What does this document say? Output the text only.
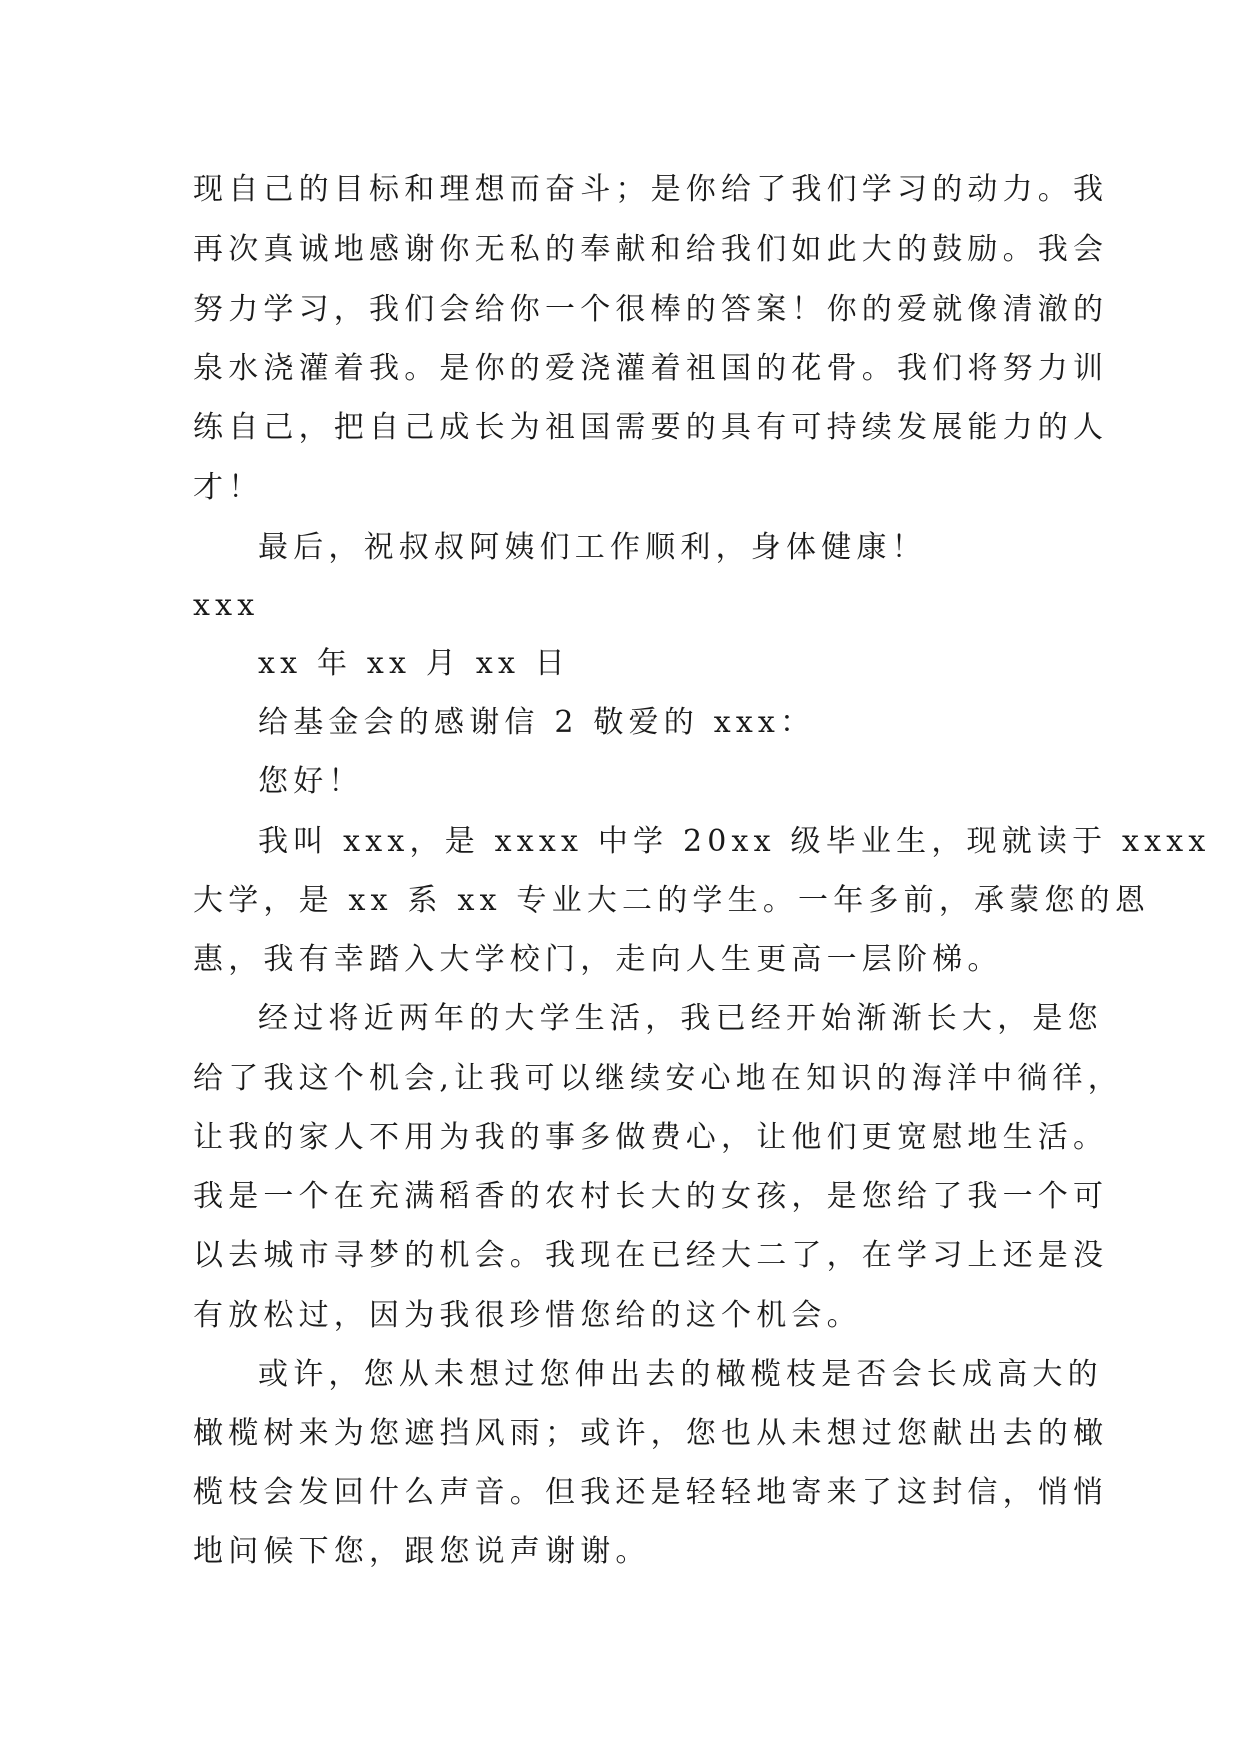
现自己的目标和理想而奋斗；是你给了我们学习的动力。我
再次真诚地感谢你无私的奉献和给我们如此大的鼓励。我会
努力学习，我们会给你一个很棒的答案！你的爱就像清澈的
泉水浇灌着我。是你的爱浇灌着祖国的花骨。我们将努力训
练自己，把自己成长为祖国需要的具有可持续发展能力的人
才！
最后，祝叔叔阿姨们工作顺利，身体健康！
xxx
xx 年 xx 月 xx 日
给基金会的感谢信 2 敬爱的 xxx：
您好！
我叫 xxx，是 xxxx 中学 20xx 级毕业生，现就读于 xxxx
大学，是 xx 系 xx 专业大二的学生。一年多前，承蒙您的恩
惠，我有幸踏入大学校门，走向人生更高一层阶梯。
经过将近两年的大学生活，我已经开始渐渐长大，是您
给了我这个机会,让我可以继续安心地在知识的海洋中徜徉，
让我的家人不用为我的事多做费心，让他们更宽慰地生活。
我是一个在充满稻香的农村长大的女孩，是您给了我一个可
以去城市寻梦的机会。我现在已经大二了，在学习上还是没
有放松过，因为我很珍惜您给的这个机会。
或许，您从未想过您伸出去的橄榄枝是否会长成高大的
橄榄树来为您遮挡风雨；或许，您也从未想过您献出去的橄
榄枝会发回什么声音。但我还是轻轻地寄来了这封信，悄悄
地问候下您，跟您说声谢谢。
